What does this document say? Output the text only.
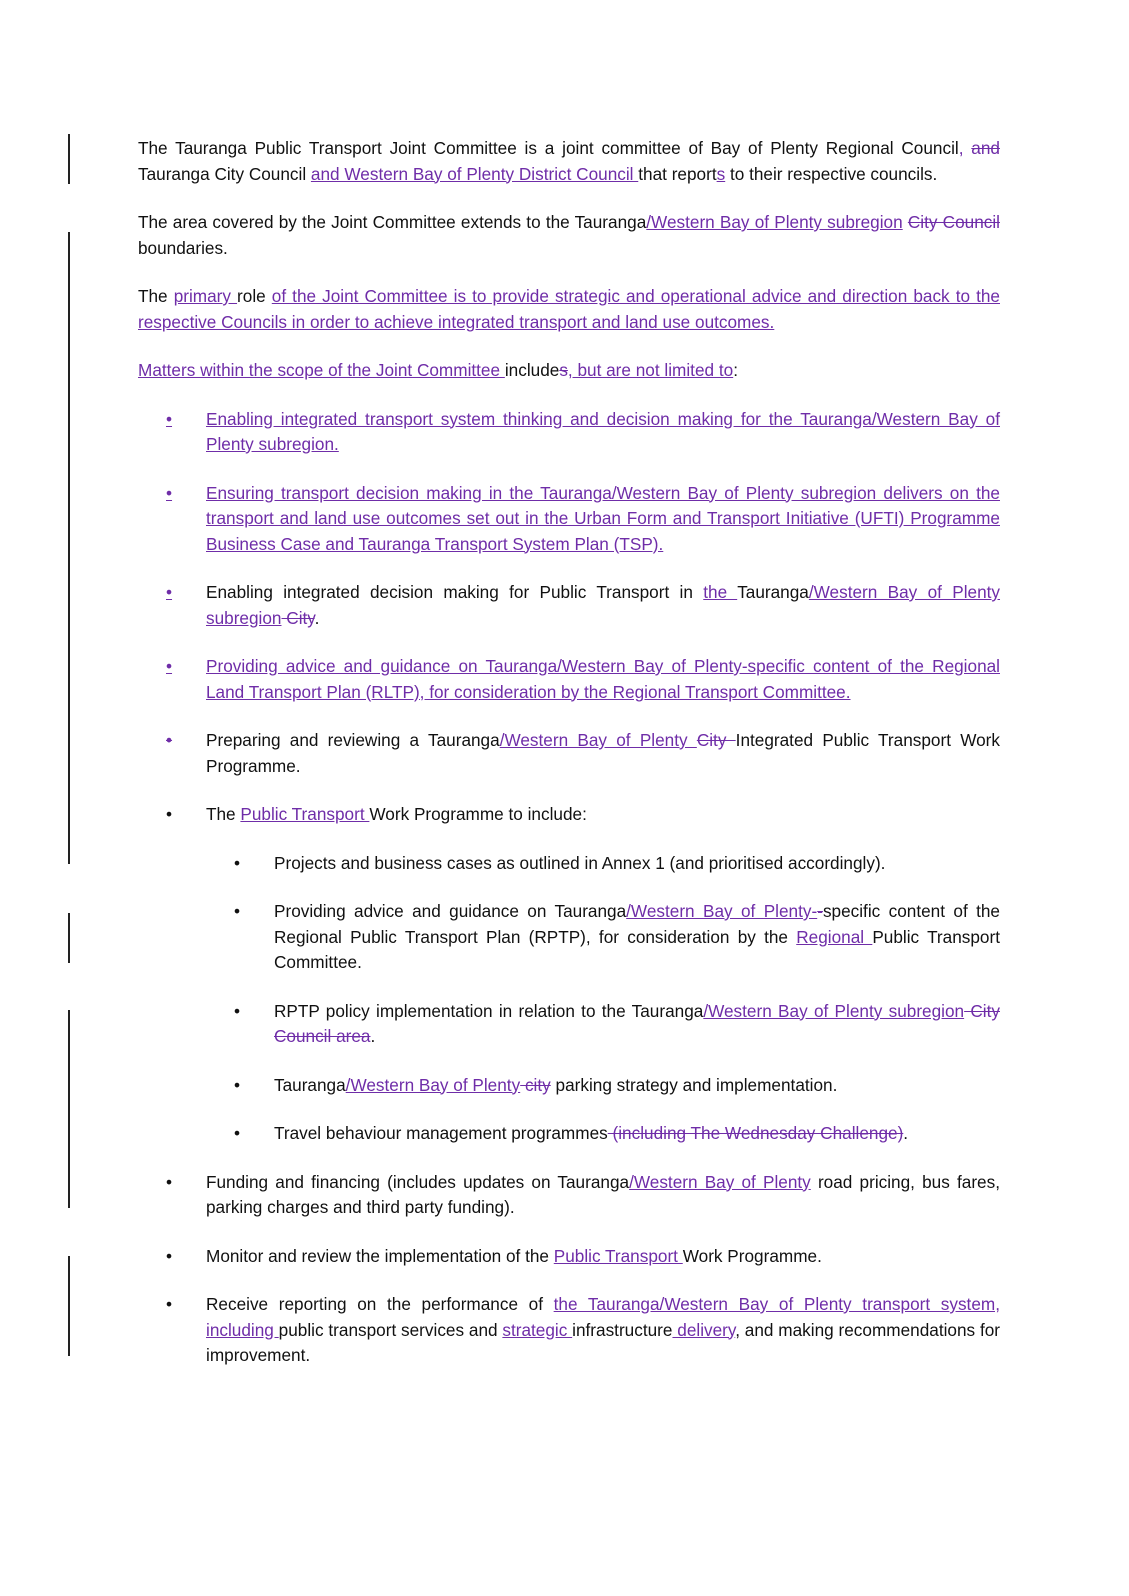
The Tauranga Public Transport Joint Committee is a joint committee of Bay of Plenty Regional Council, and Tauranga City Council and Western Bay of Plenty District Council that reports to their respective councils.

The area covered by the Joint Committee extends to the Tauranga/Western Bay of Plenty subregion City Council boundaries.

The primary role of the Joint Committee is to provide strategic and operational advice and direction back to the respective Councils in order to achieve integrated transport and land use outcomes.

Matters within the scope of the Joint Committee includes, but are not limited to:

•	Enabling integrated transport system thinking and decision making for the Tauranga/Western Bay of Plenty subregion.
•	Ensuring transport decision making in the Tauranga/Western Bay of Plenty subregion delivers on the transport and land use outcomes set out in the Urban Form and Transport Initiative (UFTI) Programme Business Case and Tauranga Transport System Plan (TSP).
•	Enabling integrated decision making for Public Transport in the Tauranga/Western Bay of Plenty subregion City.
•	Providing advice and guidance on Tauranga/Western Bay of Plenty-specific content of the Regional Land Transport Plan (RLTP), for consideration by the Regional Transport Committee.
•	Preparing and reviewing a Tauranga/Western Bay of Plenty City Integrated Public Transport Work Programme.
•	The Public Transport Work Programme to include:
•	Projects and business cases as outlined in Annex 1 (and prioritised accordingly).
•	Providing advice and guidance on Tauranga/Western Bay of Plenty--specific content of the Regional Public Transport Plan (RPTP), for consideration by the Regional Public Transport Committee.
•	RPTP policy implementation in relation to the Tauranga/Western Bay of Plenty subregion City Council area.
•	Tauranga/Western Bay of Plenty city parking strategy and implementation.
•	Travel behaviour management programmes (including The Wednesday Challenge).
•	Funding and financing (includes updates on Tauranga/Western Bay of Plenty road pricing, bus fares, parking charges and third party funding).
•	Monitor and review the implementation of the Public Transport Work Programme.
•	Receive reporting on the performance of the Tauranga/Western Bay of Plenty transport system, including public transport services and strategic infrastructure delivery, and making recommendations for improvement.
